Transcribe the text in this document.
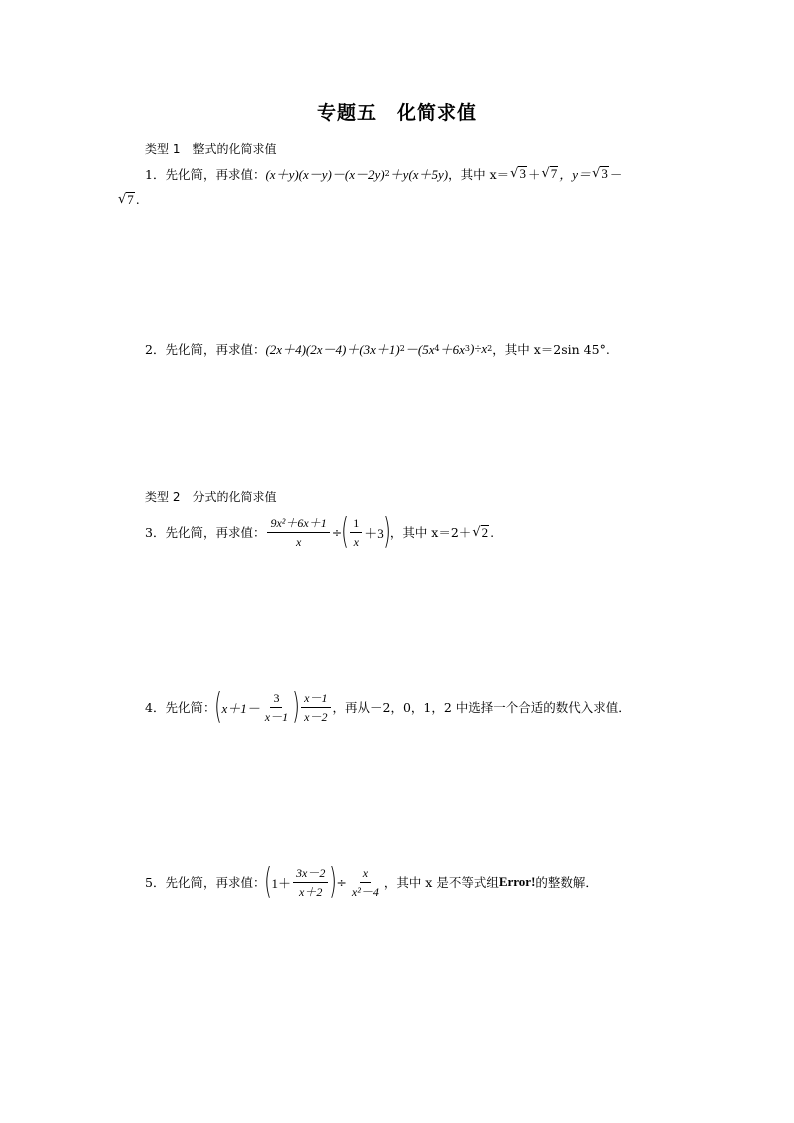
专题五　化简求值
类型 1　整式的化简求值
1． 先化简，再求值： (x＋y)(x－y)－(x－2y) 2 ＋y(x＋5y) ，其中 x＝ √ 3 ＋ √ 7 ，y＝ √ 3 －
√ 7 .
2． 先化简，再求值： (2x＋4)(2x－4)＋(3x＋1) 2 －(5x 4 ＋6x 3 )÷x 2 ，其中 x＝2sin 45°.
类型 2　分式的化简求值
3． 先化简，再求值： $\frac{\text{9x²＋6x＋1}}{x}$ ÷ ( $\frac{1}{x} +3$ ) ，其中 x＝2＋ √ 2 .
4． 先化简： ( $x+1- \frac{3}{x-1}$ ) $\frac{x-1}{x-2}$ ，再从－2，0，1，2 中选择一个合适的数代入求值．
5． 先化简，再求值： ( $1+ \frac{3x-2}{x+2}$ ) ÷ $\frac{x}{\text{x²－4}}$ ，其中 x 是不等式组 Error! 的整数解．
